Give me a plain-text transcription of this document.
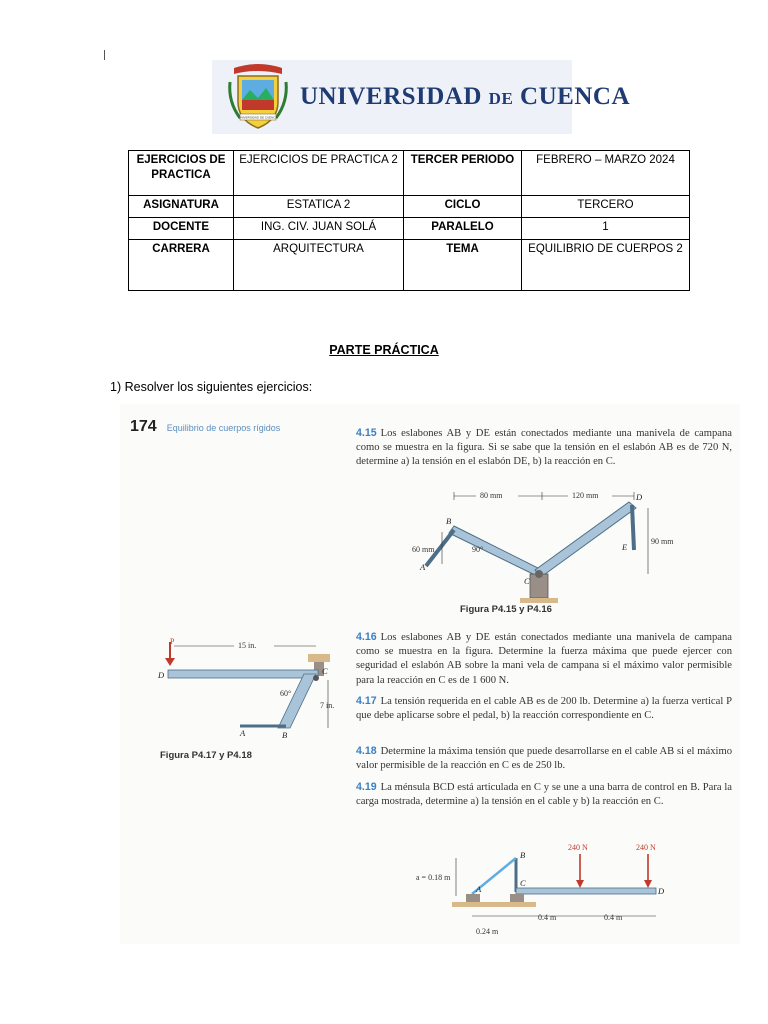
UNIVERSIDAD DE CUENCA
UNIVERSIDAD DE CUENCA
EJERCICIOS DE PRACTICA	EJERCICIOS DE PRACTICA 2	TERCER PERIODO	FEBRERO – MARZO 2024
ASIGNATURA	ESTATICA 2	CICLO	TERCERO
DOCENTE	ING. CIV. JUAN SOLÁ	PARALELO	1
CARRERA	ARQUITECTURA	TEMA	EQUILIBRIO DE CUERPOS 2
PARTE PRÁCTICA
1) Resolver los siguientes ejercicios:
174 Equilibrio de cuerpos rígidos	4.15 Los eslabones AB y DE están conectados mediante una manivela de campana como se muestra en la figura. Si se sabe que la tensión en el eslabón AB es de 720 N, determine a) la tensión en el eslabón DE, b) la reacción en C.
80 mm	120 mm
60 mm
90 mm
90°
A
B
C
D
E
Figura P4.15 y P4.16
4.16 Los eslabones AB y DE están conectados mediante una manivela de campana como se muestra en la figura. Determine la fuerza máxima que puede ejercer con seguridad el eslabón AB sobre la mani vela de campana si el máximo valor permisible para la reacción en C es de 1 600 N.
4.17 La tensión requerida en el cable AB es de 200 lb. Determine a) la fuerza vertical P que debe aplicarse sobre el pedal, b) la reacción correspondiente en C.
4.18 Determine la máxima tensión que puede desarrollarse en el cable AB si el máximo valor permisible de la reacción en C es de 250 lb.
4.19 La ménsula BCD está articulada en C y se une a una barra de control en B. Para la carga mostrada, determine a) la tensión en el cable y b) la reacción en C.
P	15 in.
7 in.
60°
D	C
B
A
Figura P4.17 y P4.18
240 N	240 N
a = 0.18 m
0.24 m
0.4 m	0.4 m
B
C
D
A
